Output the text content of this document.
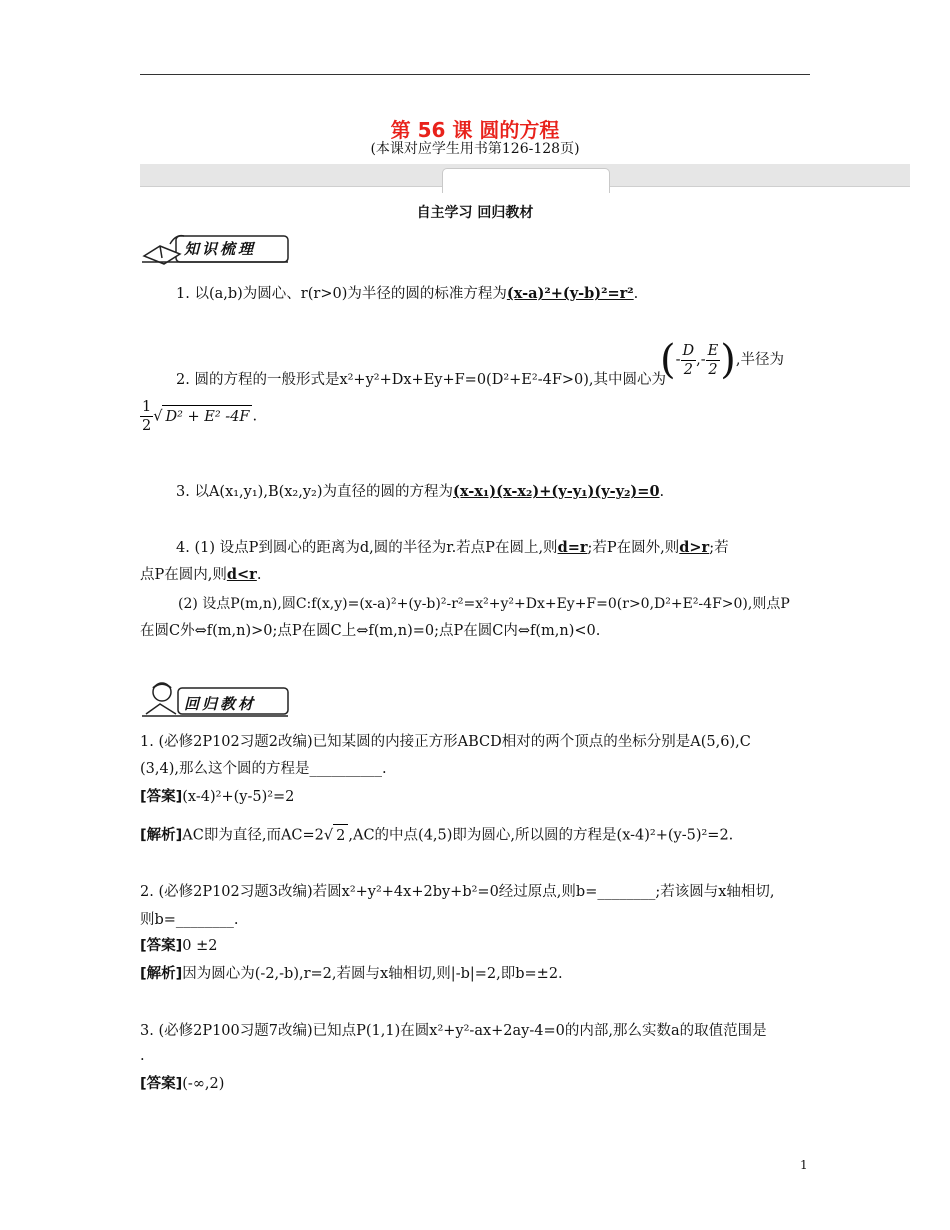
第 56 课 圆的方程
(本课对应学生用书第126-128页)
自主学习 回归教材
知识梳理
1. 以(a,b)为圆心、r(r>0)为半径的圆的标准方程为(x-a)²+(y-b)²=r².
2. 圆的方程的一般形式是x²+y²+Dx+Ey+F=0(D²+E²-4F>0),其中圆心为
(- $\frac{D}{2}$ ,- $\frac{E}{2}$ ),半径为
$\frac{1}{2}$ √ D² + E² -4F .
3. 以A(x₁,y₁),B(x₂,y₂)为直径的圆的方程为(x-x₁)(x-x₂)+(y-y₁)(y-y₂)=0.
4. (1) 设点P到圆心的距离为d,圆的半径为r.若点P在圆上,则d=r;若P在圆外,则d>r;若
点P在圆内,则d<r.
(2) 设点P(m,n),圆C:f(x,y)=(x-a)²+(y-b)²-r²=x²+y²+Dx+Ey+F=0(r>0,D²+E²-4F>0),则点P
在圆C外⇔f(m,n)>0;点P在圆C上⇔f(m,n)=0;点P在圆C内⇔f(m,n)<0.
回归教材
1. (必修2P102习题2改编)已知某圆的内接正方形ABCD相对的两个顶点的坐标分别是A(5,6),C
(3,4),那么这个圆的方程是__________.
[答案](x-4)²+(y-5)²=2
[解析]AC即为直径,而AC=2√ 2 ,AC的中点(4,5)即为圆心,所以圆的方程是(x-4)²+(y-5)²=2.
2. (必修2P102习题3改编)若圆x²+y²+4x+2by+b²=0经过原点,则b=________;若该圆与x轴相切,
则b=________.
[答案]0 ±2
[解析]因为圆心为(-2,-b),r=2,若圆与x轴相切,则|-b|=2,即b=±2.
3. (必修2P100习题7改编)已知点P(1,1)在圆x²+y²-ax+2ay-4=0的内部,那么实数a的取值范围是
.
[答案](-∞,2)
1
